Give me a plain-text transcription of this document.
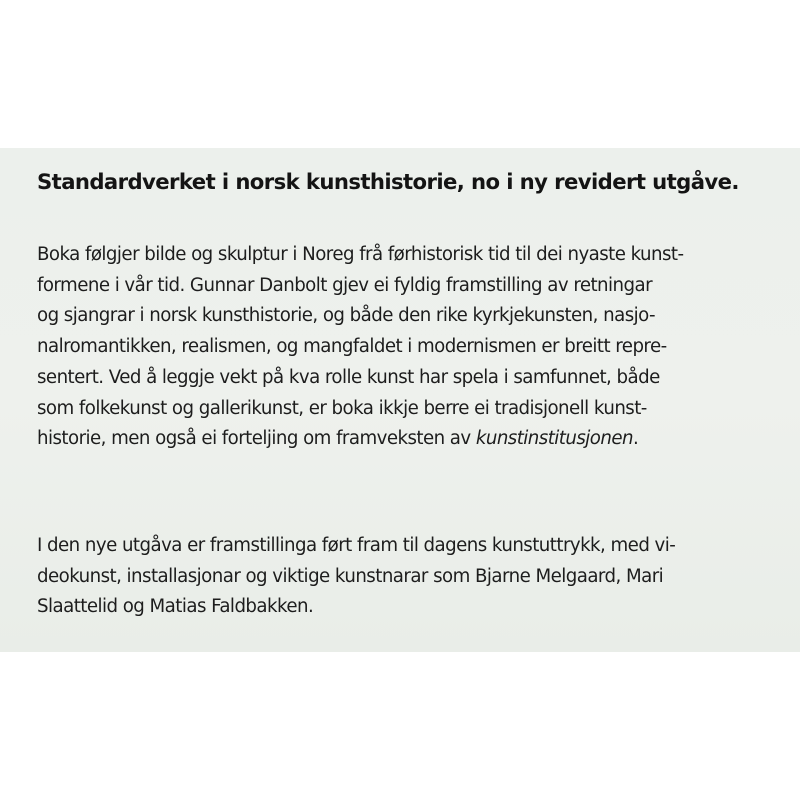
Standardverket i norsk kunsthistorie, no i ny revidert utgåve.
Boka følgjer bilde og skulptur i Noreg frå førhistorisk tid til dei nyaste kunst-
formene i vår tid. Gunnar Danbolt gjev ei fyldig framstilling av retningar
og sjangrar i norsk kunsthistorie, og både den rike kyrkjekunsten, nasjo-
nalromantikken, realismen, og mangfaldet i modernismen er breitt repre-
sentert. Ved å leggje vekt på kva rolle kunst har spela i samfunnet, både
som folkekunst og gallerikunst, er boka ikkje berre ei tradisjonell kunst-
historie, men også ei forteljing om framveksten av kunstinstitusjonen.
I den nye utgåva er framstillinga ført fram til dagens kunstuttrykk, med vi-
deokunst, installasjonar og viktige kunstnarar som Bjarne Melgaard, Mari
Slaattelid og Matias Faldbakken.
